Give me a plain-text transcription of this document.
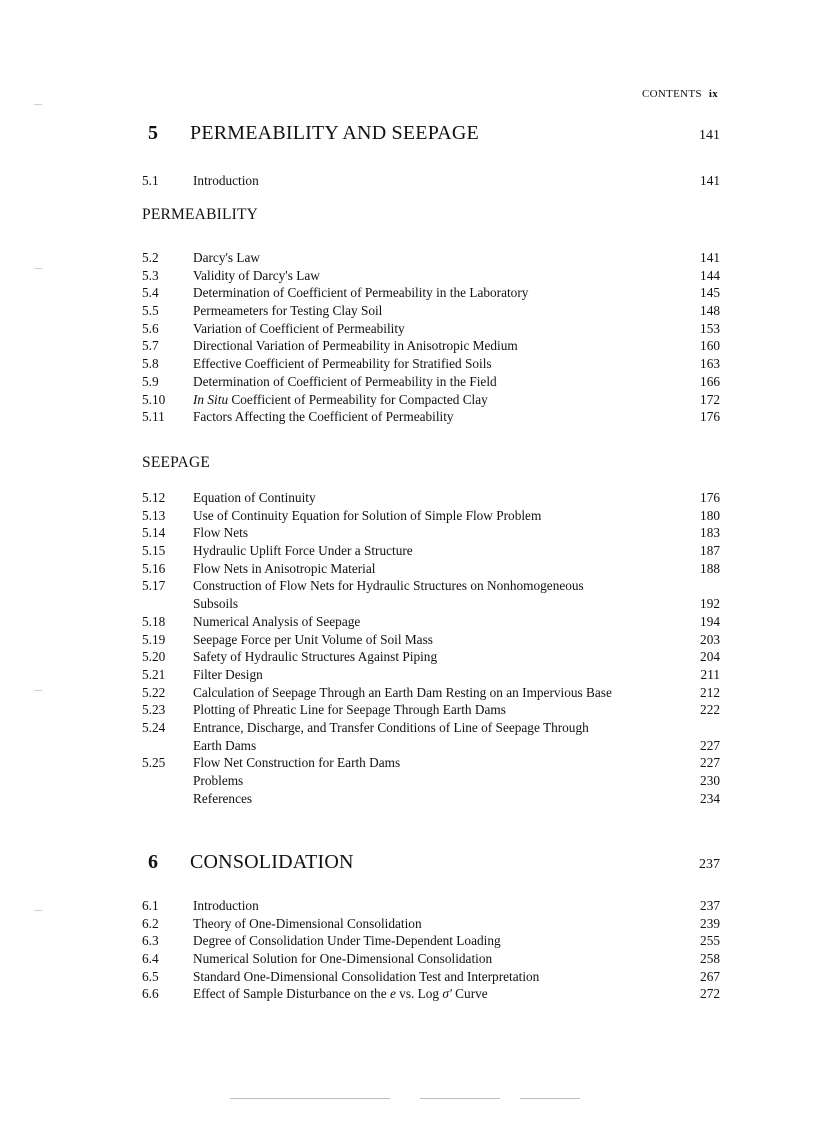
CONTENTS ix
5	PERMEABILITY AND SEEPAGE	141
5.1	Introduction	141
PERMEABILITY
5.2	Darcy's Law	141
5.3	Validity of Darcy's Law	144
5.4	Determination of Coefficient of Permeability in the Laboratory	145
5.5	Permeameters for Testing Clay Soil	148
5.6	Variation of Coefficient of Permeability	153
5.7	Directional Variation of Permeability in Anisotropic Medium	160
5.8	Effective Coefficient of Permeability for Stratified Soils	163
5.9	Determination of Coefficient of Permeability in the Field	166
5.10	In Situ Coefficient of Permeability for Compacted Clay	172
5.11	Factors Affecting the Coefficient of Permeability	176
SEEPAGE
5.12	Equation of Continuity	176
5.13	Use of Continuity Equation for Solution of Simple Flow Problem	180
5.14	Flow Nets	183
5.15	Hydraulic Uplift Force Under a Structure	187
5.16	Flow Nets in Anisotropic Material	188
5.17	Construction of Flow Nets for Hydraulic Structures on Nonhomogeneous
Subsoils	192
5.18	Numerical Analysis of Seepage	194
5.19	Seepage Force per Unit Volume of Soil Mass	203
5.20	Safety of Hydraulic Structures Against Piping	204
5.21	Filter Design	211
5.22	Calculation of Seepage Through an Earth Dam Resting on an Impervious Base	212
5.23	Plotting of Phreatic Line for Seepage Through Earth Dams	222
5.24	Entrance, Discharge, and Transfer Conditions of Line of Seepage Through
Earth Dams	227
5.25	Flow Net Construction for Earth Dams	227
Problems	230
References	234
6	CONSOLIDATION	237
6.1	Introduction	237
6.2	Theory of One-Dimensional Consolidation	239
6.3	Degree of Consolidation Under Time-Dependent Loading	255
6.4	Numerical Solution for One-Dimensional Consolidation	258
6.5	Standard One-Dimensional Consolidation Test and Interpretation	267
6.6	Effect of Sample Disturbance on the e vs. Log σ′ Curve	272
